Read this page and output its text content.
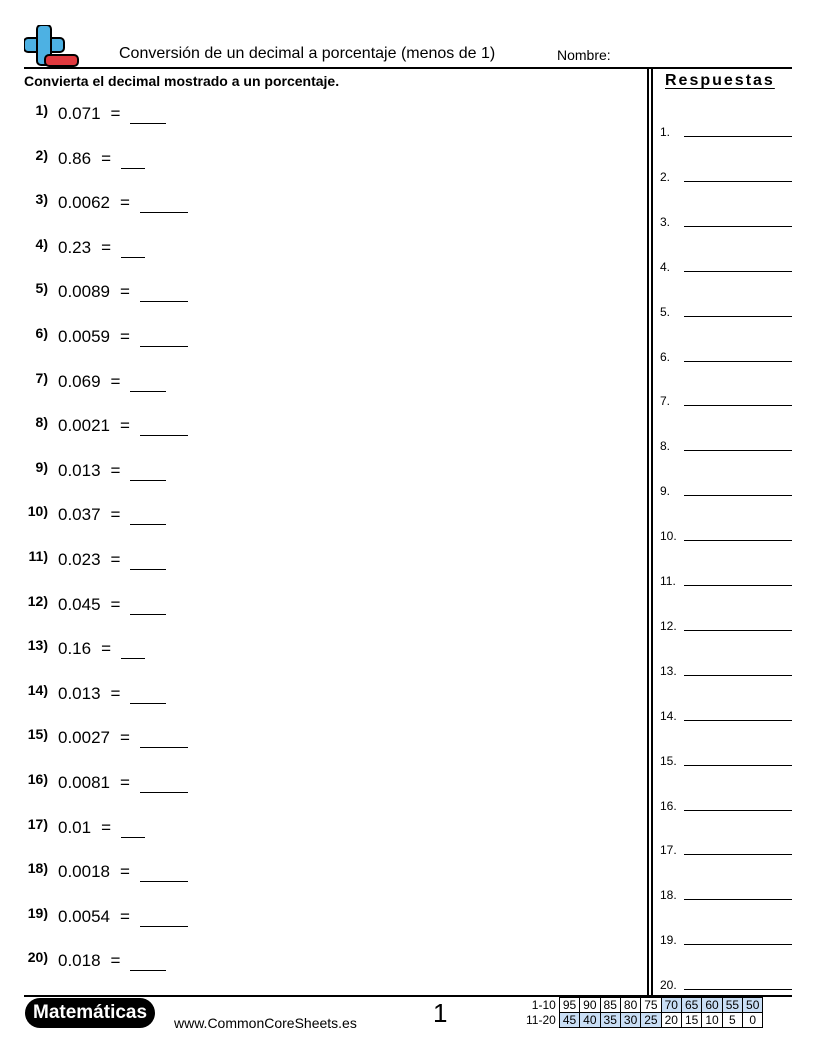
Conversión de un decimal a porcentaje (menos de 1)	Nombre:
Convierta el decimal mostrado a un porcentaje.
1) 0.071 =
2) 0.86 =
3) 0.0062 =
4) 0.23 =
5) 0.0089 =
6) 0.0059 =
7) 0.069 =
8) 0.0021 =
9) 0.013 =
10) 0.037 =
11) 0.023 =
12) 0.045 =
13) 0.16 =
14) 0.013 =
15) 0.0027 =
16) 0.0081 =
17) 0.01 =
18) 0.0018 =
19) 0.0054 =
20) 0.018 =
Respuestas
1.
2.
3.
4.
5.
6.
7.
8.
9.
10.
11.
12.
13.
14.
15.
16.
17.
18.
19.
20.
Matemáticas	www.CommonCoreSheets.es	1	1-10	95	90	85	80	75	70	65	60	55	50
11-20	45	40	35	30	25	20	15	10	5	0
